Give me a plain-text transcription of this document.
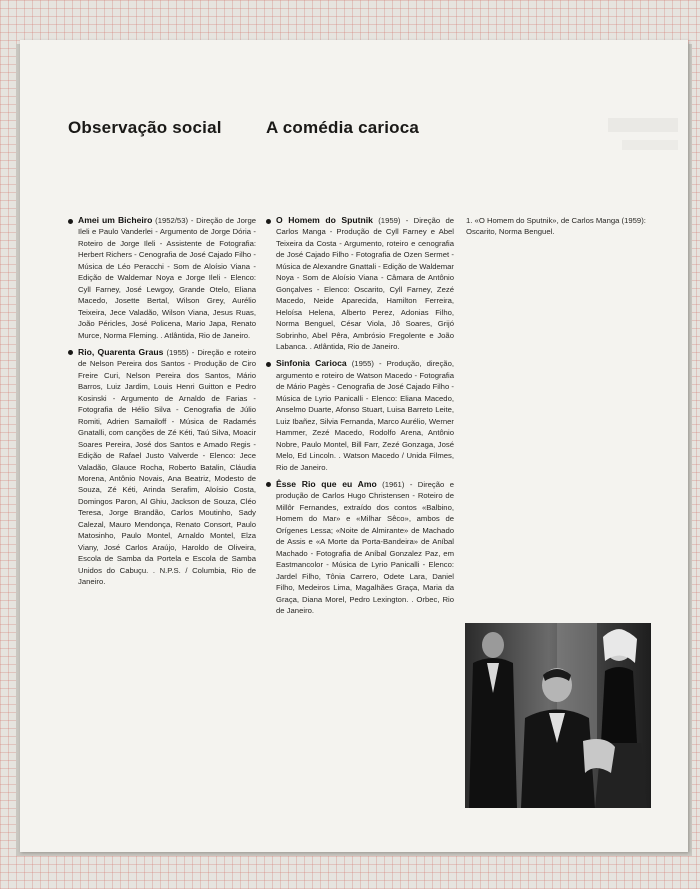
Observação social	A comédia carioca

Amei um Bicheiro (1952/53) - Direção de Jorge Ileli e Paulo Vanderlei - Argumento de Jorge Dória - Roteiro de Jorge Ileli - Assistente de Fotografia: Herbert Richers - Cenografia de José Cajado Filho - Música de Léo Peracchi - Som de Aloísio Viana - Edição de Waldemar Noya e Jorge Ileli - Elenco: Cyll Farney, José Lewgoy, Grande Otelo, Eliana Macedo, Josette Bertal, Wilson Grey, Aurélio Teixeira, Jece Valadão, Wilson Viana, Jesus Ruas, João Péricles, José Policena, Mario Japa, Renato Murce, Norma Fleming. . Atlântida, Rio de Janeiro.

Rio, Quarenta Graus (1955) - Direção e roteiro de Nelson Pereira dos Santos - Produção de Ciro Freire Curi, Nelson Pereira dos Santos, Mário Barros, Luiz Jardim, Louis Henri Guitton e Pedro Kosinski - Argumento de Arnaldo de Farias - Fotografia de Hélio Silva - Cenografia de Júlio Romiti, Adrien Samailoff - Música de Radamés Gnatalli, com canções de Zé Kéti, Taú Silva, Moacir Soares Pereira, José dos Santos e Amado Regis - Edição de Rafael Justo Valverde - Elenco: Jece Valadão, Glauce Rocha, Roberto Batalin, Cláudia Morena, Antônio Novais, Ana Beatriz, Modesto de Souza, Zé Kéti, Arinda Serafim, Aloísio Costa, Domingos Paron, Al Ghiu, Jackson de Souza, Cléo Teresa, Jorge Brandão, Carlos Moutinho, Sady Calezal, Mauro Mendonça, Renato Consort, Paulo Matosinho, Paulo Montel, Arnaldo Montel, Elza Viany, José Carlos Araújo, Haroldo de Oliveira, Escola de Samba da Portela e Escola de Samba Unidos do Cabuçu. . N.P.S. / Columbia, Rio de Janeiro.

O Homem do Sputnik (1959) - Direção de Carlos Manga - Produção de Cyll Farney e Abel Teixeira da Costa - Argumento, roteiro e cenografia de José Cajado Filho - Fotografia de Ozen Sermet - Música de Alexandre Gnattali - Edição de Waldemar Noya - Som de Aloísio Viana - Câmara de Antônio Gonçalves - Elenco: Oscarito, Cyll Farney, Zezé Macedo, Neide Aparecida, Hamilton Ferreira, Heloísa Helena, Alberto Perez, Adonias Filho, Norma Benguel, César Viola, Jô Soares, Grijó Sobrinho, Abel Pêra, Ambrósio Fregolente e João Labanca. . Atlântida, Rio de Janeiro.

Sinfonia Carioca (1955) - Produção, direção, argumento e roteiro de Watson Macedo - Fotografia de Mário Pagès - Cenografia de José Cajado Filho - Música de Lyrio Panicalli - Elenco: Eliana Macedo, Anselmo Duarte, Afonso Stuart, Luisa Barreto Leite, Luiz Ibañez, Silvia Fernanda, Marco Aurélio, Werner Hammer, Zezé Macedo, Rodolfo Arena, Antônio Nobre, Paulo Montel, Bill Farr, Zezé Gonzaga, José Melo, Ed Lincoln. . Watson Macedo / Unida Filmes, Rio de Janeiro.

Êsse Rio que eu Amo (1961) - Direção e produção de Carlos Hugo Christensen - Roteiro de Millôr Fernandes, extraído dos contos «Balbino, Homem do Mar» e «Milhar Sêco», ambos de Orígenes Lessa; «Noite de Almirante» de Machado de Assis e «A Morte da Porta-Bandeira» de Aníbal Machado - Fotografia de Aníbal Gonzalez Paz, em Eastmancolor - Música de Lyrio Panicalli - Elenco: Jardel Filho, Tônia Carrero, Odete Lara, Daniel Filho, Medeiros Lima, Magalhães Graça, Maria da Graça, Diana Morel, Pedro Lexington. . Orbec, Rio de Janeiro.

1. «O Homem do Sputnik», de Carlos Manga (1959): Oscarito, Norma Benguel.
